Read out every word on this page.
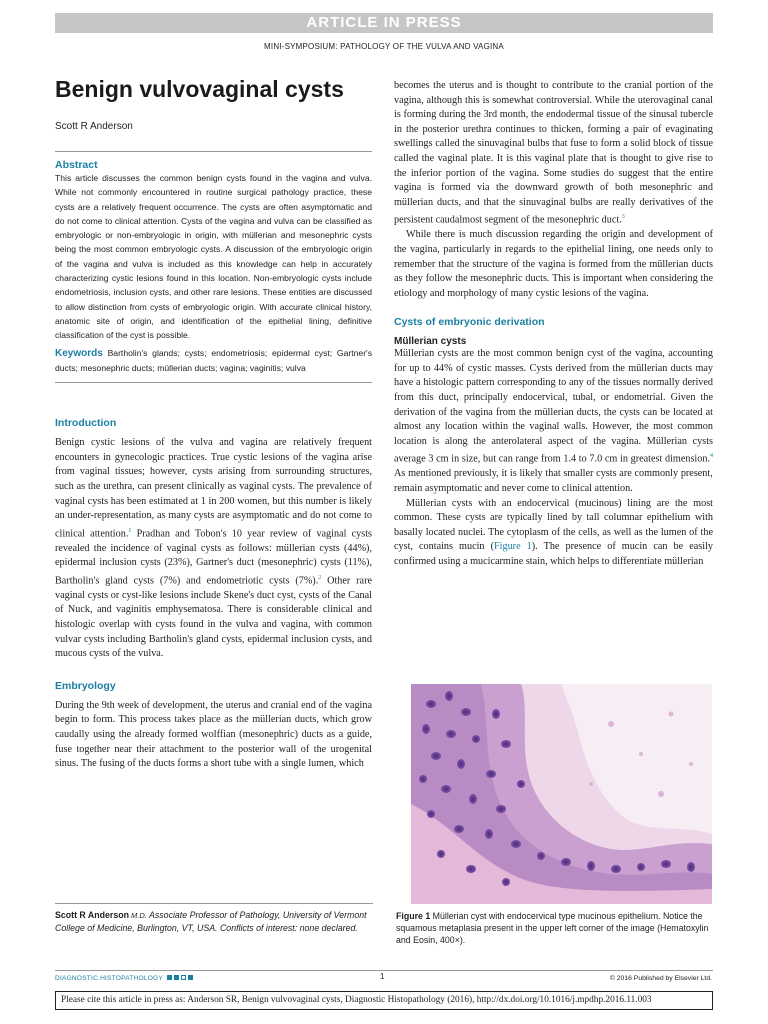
ARTICLE IN PRESS
MINI-SYMPOSIUM: PATHOLOGY OF THE VULVA AND VAGINA
Benign vulvovaginal cysts
Scott R Anderson
Abstract

This article discusses the common benign cysts found in the vagina and vulva. While not commonly encountered in routine surgical pathology practice, these cysts are a relatively frequent occurrence. The cysts are often asymptomatic and do not come to clinical attention. Cysts of the vagina and vulva can be classified as embryologic or non-embryologic in origin, with müllerian and mesonephric cysts being the most common embryologic cysts. A discussion of the embryologic origin of the vagina and vulva is included as this knowledge can help in accurately characterizing cystic lesions found in this location. Non-embryologic cysts include endometriosis, inclusion cysts, and other rare lesions. These entities are discussed to allow distinction from cysts of embryologic origin. With accurate clinical history, anatomic site of origin, and identification of the epithelial lining, definitive classification of the cyst is possible.

Keywords Bartholin's glands; cysts; endometriosis; epidermal cyst; Gartner's ducts; mesonephric ducts; müllerian ducts; vagina; vaginitis; vulva

Introduction

Benign cystic lesions of the vulva and vagina are relatively frequent encounters in gynecologic practices. True cystic lesions of the vagina arise from vaginal tissues; however, cysts arising from surrounding structures, such as the urethra, can present clinically as vaginal cysts. The prevalence of vaginal cysts has been estimated at 1 in 200 women, but this number is likely an under-representation, as many cysts are asymptomatic and do not come to clinical attention.$^1$ Pradhan and Tobon's 10 year review of vaginal cysts revealed the incidence of vaginal cysts as follows: müllerian cysts (44%), epidermal inclusion cysts (23%), Gartner's duct (mesonephric) cysts (11%), Bartholin's gland cysts (7%) and endometriotic cysts (7%).$^2$ Other rare vaginal cysts or cyst-like lesions include Skene's duct cyst, cysts of the Canal of Nuck, and vaginitis emphysematosa. There is considerable clinical and histologic overlap with cysts found in the vulva and vagina, with common vulvar cysts including Bartholin's gland cysts, epidermal inclusion cysts, and mucous cysts of the vulva.

Embryology

During the 9th week of development, the uterus and cranial end of the vagina begin to form. This process takes place as the müllerian ducts, which grow caudally using the already formed wolffian (mesonephric) ducts as a guide, fuse together near their attachment to the posterior wall of the urogenital sinus. The fusing of the ducts forms a short tube with a single lumen, which

becomes the uterus and is thought to contribute to the cranial portion of the vagina, although this is somewhat controversial. While the uterovaginal canal is forming during the 3rd month, the endodermal tissue of the sinusal tubercle in the posterior urethra continues to thicken, forming a pair of evaginating swellings called the sinuvaginal bulbs that fuse to form a solid block of tissue called the vaginal plate. It is this vaginal plate that is thought to give rise to the inferior portion of the vagina. Some studies do suggest that the entire vagina is formed via the downward growth of both mesonephric and müllerian ducts, and that the sinuvaginal bulbs are really derivatives of the persistent caudalmost segment of the mesonephric duct.$^3$

While there is much discussion regarding the origin and development of the vagina, particularly in regards to the epithelial lining, one needs only to remember that the structure of the vagina is formed from the müllerian ducts as they follow the mesonephric ducts. This is important when considering the etiology and morphology of many cystic lesions of the vagina.

Cysts of embryonic derivation
Müllerian cysts

Müllerian cysts are the most common benign cyst of the vagina, accounting for up to 44% of cystic masses. Cysts derived from the müllerian ducts may have a histologic pattern corresponding to any of the tissues normally derived from this duct, principally endocervical, tubal, or endometrial. Given the derivation of the vagina from the müllerian ducts, the cysts can be located at almost any location within the vaginal walls. However, the most common location is along the anterolateral aspect of the vagina. Müllerian cysts average 3 cm in size, but can range from 1.4 to 7.0 cm in greatest dimension.$^4$ As mentioned previously, it is likely that smaller cysts are commonly present, remain asymptomatic and never come to clinical attention.

Müllerian cysts with an endocervical (mucinous) lining are the most common. These cysts are typically lined by tall columnar epithelium with basally located nuclei. The cytoplasm of the cells, as well as the lumen of the cyst, contains mucin (Figure 1). The presence of mucin can be easily confirmed using a mucicarmine stain, which helps to differentiate müllerian

Figure 1 Müllerian cyst with endocervical type mucinous epithelium. Notice the squamous metaplasia present in the upper left corner of the image (Hematoxylin and Eosin, 400×).
Scott R Anderson M.D. Associate Professor of Pathology, University of Vermont College of Medicine, Burlington, VT, USA. Conflicts of interest: none declared.
DIAGNOSTIC HISTOPATHOLOGY	1	© 2016 Published by Elsevier Ltd.
Please cite this article in press as: Anderson SR, Benign vulvovaginal cysts, Diagnostic Histopathology (2016), http://dx.doi.org/10.1016/j.mpdhp.2016.11.003
